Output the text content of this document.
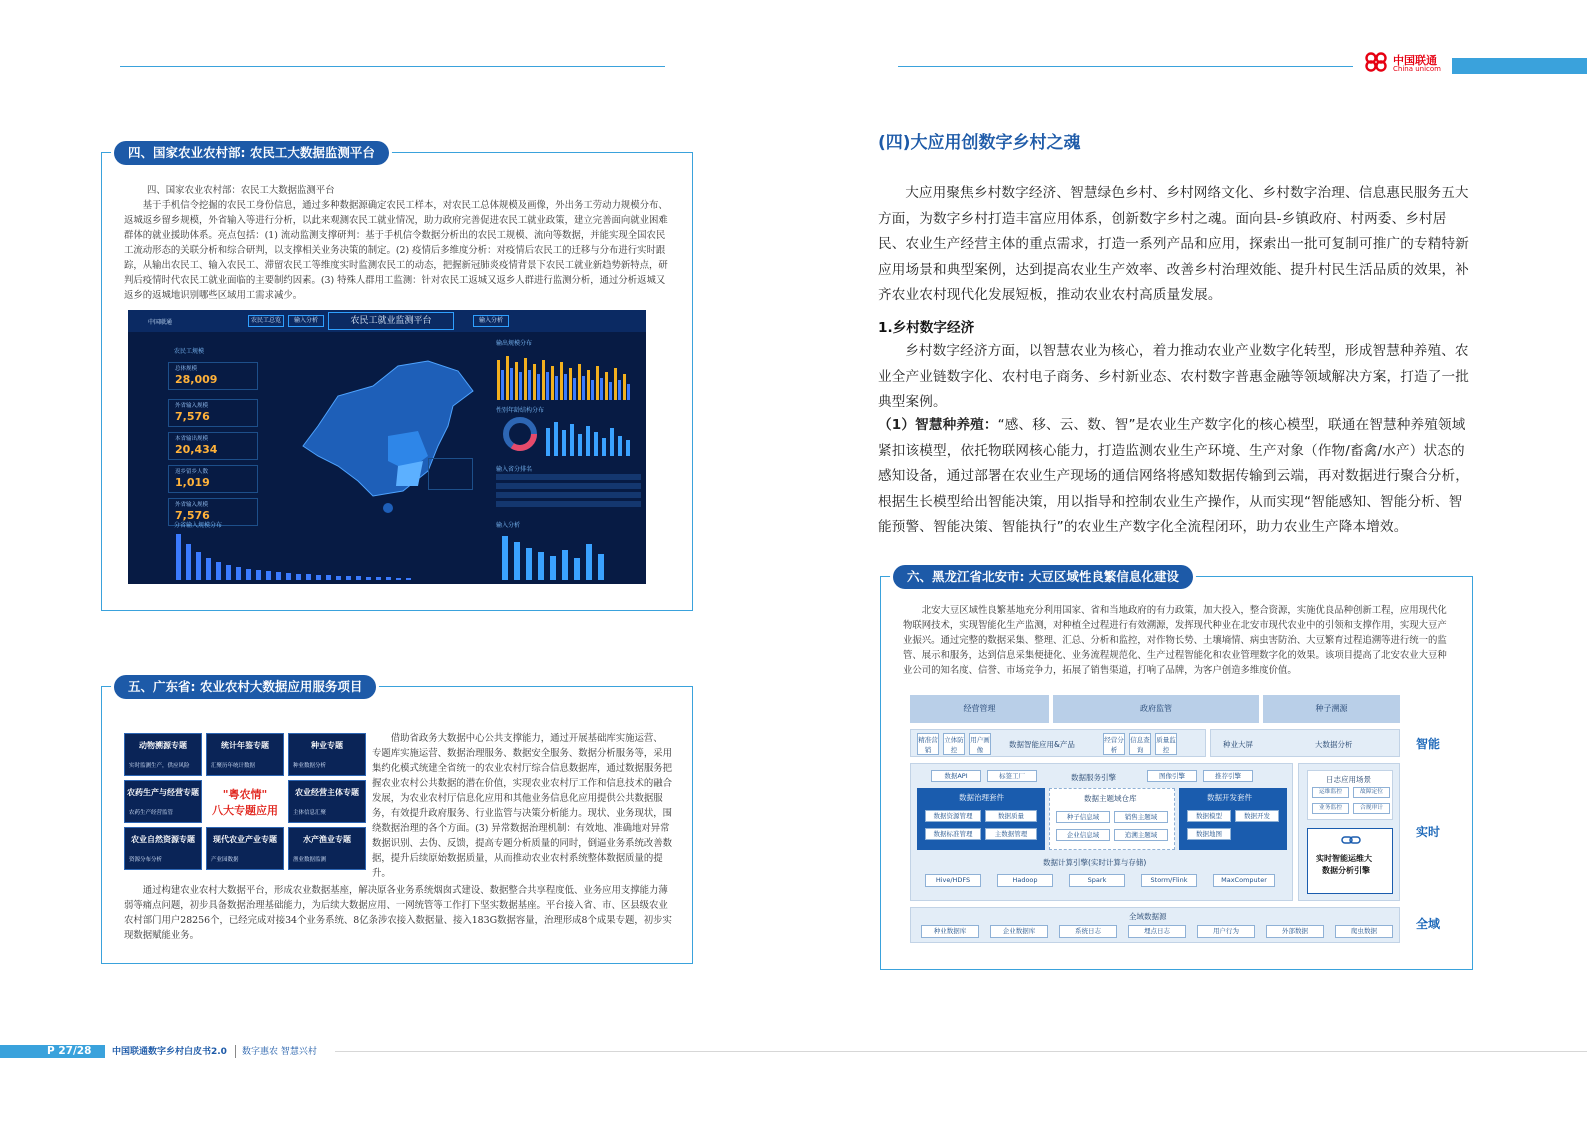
中国联通
China unicom
四、国家农业农村部: 农民工大数据监测平台
四、国家农业农村部：农民工大数据监测平台
基于手机信令挖掘的农民工身份信息，通过多种数据源确定农民工样本，对农民工总体规模及画像，外出务工劳动力规模分布、返城返乡留乡规模，外省输入等进行分析，以此来观测农民工就业情况，助力政府完善促进农民工就业政策，建立完善面向就业困难群体的就业援助体系。亮点包括：(1) 流动监测支撑研判：基于手机信令数据分析出的农民工规模、流向等数据，并能实现全国农民工流动形态的关联分析和综合研判，以支撑相关业务决策的制定。(2) 疫情后多维度分析：对疫情后农民工的迁移与分布进行实时跟踪，从输出农民工、输入农民工、滞留农民工等维度实时监测农民工的动态，把握新冠肺炎疫情背景下农民工就业新趋势新特点，研判后疫情时代农民工就业面临的主要制约因素。(3) 特殊人群用工监测：针对农民工返城又返乡人群进行监测分析，通过分析返城又返乡的返城地识别哪些区域用工需求减少。
中国联通	农民工总览	输入分析	农民工就业监测平台	输入分析
农民工规模
总体规模
28,009
外省输入规模
7,576
本省输出规模
20,434
返乡留乡人数
1,019
外省输入规模
7,576
输出规模分布
性别年龄结构分布
输入省分排名
分省输入规模分布	输入分析
五、广东省: 农业农村大数据应用服务项目
动物溯源专题
实时监测生产，供应风险
统计年鉴专题
汇聚历年统计数据
种业专题
种业数据分析
农药生产与经营专题
农药生产经营监管
"粤农情"
八大专题应用
农业经营主体专题
主体信息汇聚
农业自然资源专题
资源分布分析
现代农业产业专题
产业园数据
水产渔业专题
渔业数据监测
借助省政务大数据中心公共支撑能力，通过开展基础库实施运营、专题库实施运营、数据治理服务、数据安全服务、数据分析服务等，采用集约化模式统建全省统一的农业农村厅综合信息数据库，通过数据服务把握农业农村公共数据的潜在价值，实现农业农村厅工作和信息技术的融合发展，为农业农村厅信息化应用和其他业务信息化应用提供公共数据服务，有效提升政府服务、行业监管与决策分析能力。现状、业务现状，围绕数据治理的各个方面。(3) 异常数据治理机制：有效地、准确地对异常数据识别、去伪、反馈，提高专题分析质量的同时，倒逼业务系统改善数据，提升后续原始数据质量，从而推动农业农村系统整体数据质量的提升。
通过构建农业农村大数据平台，形成农业数据基座，解决原各业务系统烟囱式建设、数据整合共享程度低、业务应用支撑能力薄弱等痛点问题，初步具备数据治理基础能力，为后续大数据应用、一网统管等工作打下坚实数据基座。平台接入省、市、区县级农业农村部门用户28256个，已经完成对接34个业务系统、8亿条涉农接入数据量、接入183G数据容量，治理形成8个成果专题，初步实现数据赋能业务。
(四)大应用创数字乡村之魂
大应用聚焦乡村数字经济、智慧绿色乡村、乡村网络文化、乡村数字治理、信息惠民服务五大方面，为数字乡村打造丰富应用体系，创新数字乡村之魂。面向县-乡镇政府、村两委、乡村居民、农业生产经营主体的重点需求，打造一系列产品和应用，探索出一批可复制可推广的专精特新应用场景和典型案例，达到提高农业生产效率、改善乡村治理效能、提升村民生活品质的效果，补齐农业农村现代化发展短板，推动农业农村高质量发展。
1.乡村数字经济
乡村数字经济方面，以智慧农业为核心，着力推动农业产业数字化转型，形成智慧种养殖、农业全产业链数字化、农村电子商务、乡村新业态、农村数字普惠金融等领域解决方案，打造了一批典型案例。
（1）智慧种养殖：“感、移、云、数、智”是农业生产数字化的核心模型，联通在智慧种养殖领域紧扣该模型，依托物联网核心能力，打造监测农业生产环境、生产对象（作物/畜禽/水产）状态的感知设备，通过部署在农业生产现场的通信网络将感知数据传输到云端，再对数据进行聚合分析，根据生长模型给出智能决策，用以指导和控制农业生产操作，从而实现“智能感知、智能分析、智能预警、智能决策、智能执行”的农业生产数字化全流程闭环，助力农业生产降本增效。
六、黑龙江省北安市: 大豆区域性良繁信息化建设
北安大豆区域性良繁基地充分利用国家、省和当地政府的有力政策，加大投入，整合资源，实施优良品种创新工程，应用现代化物联网技术，实现智能化生产监测，对种植全过程进行有效溯源，发挥现代种业在北安市现代农业中的引领和支撑作用，实现大豆产业振兴。通过完整的数据采集、整理、汇总、分析和监控，对作物长势、土壤墒情、病虫害防治、大豆繁育过程追溯等进行统一的监管、展示和服务，达到信息采集便捷化、业务流程规范化、生产过程智能化和农业管理数字化的效果。该项目提高了北安农业大豆种业公司的知名度、信誉、市场竞争力，拓展了销售渠道，打响了品牌，为客户创造多维度价值。
经营管理	政府监管	种子溯源
精准营销
立体防控
用户画像
数据智能应用&产品	经营分析
信息查询
质量监控
种业大屏	大数据分析
数据API	标签工厂	数据服务引擎	图像引擎	推荐引擎
数据治理套件
数据资源管理	数据质量
数据标准管理	主数据管理
数据主题域仓库
种子信息域	销售主题域
企业信息域	追溯主题域
数据开发套件
数据模型	数据开发
数据地图
数据计算引擎(实时计算与存储)
Hive/HDFS	Hadoop	Spark	Storm/Flink	MaxComputer
日志应用场景
运维监控	故障定位
业务监控	合规审计
实时智能运维大
数据分析引擎
全域数据源
种业数据库	企业数据库	系统日志	埋点日志	用户行为	外部数据	爬虫数据
智能
实时
全域
P 27/28 中国联通数字乡村白皮书2.0 数字惠农 智慧兴村
